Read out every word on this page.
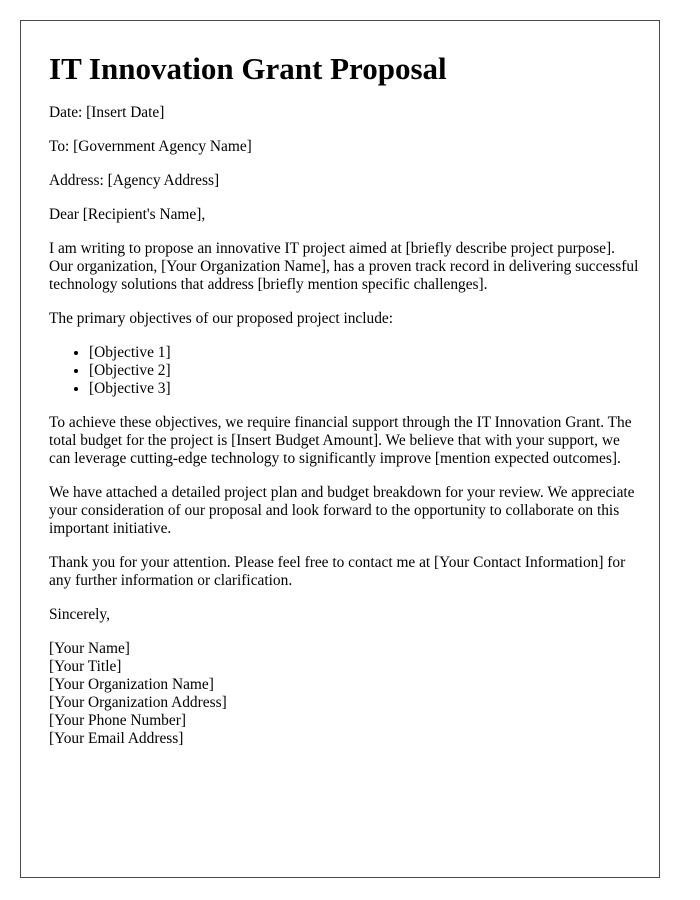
IT Innovation Grant Proposal

Date: [Insert Date]

To: [Government Agency Name]

Address: [Agency Address]

Dear [Recipient's Name],

I am writing to propose an innovative IT project aimed at [briefly describe project purpose]. Our organization, [Your Organization Name], has a proven track record in delivering successful technology solutions that address [briefly mention specific challenges].

The primary objectives of our proposed project include:

• [Objective 1]
• [Objective 2]
• [Objective 3]

To achieve these objectives, we require financial support through the IT Innovation Grant. The total budget for the project is [Insert Budget Amount]. We believe that with your support, we can leverage cutting-edge technology to significantly improve [mention expected outcomes].

We have attached a detailed project plan and budget breakdown for your review. We appreciate your consideration of our proposal and look forward to the opportunity to collaborate on this important initiative.

Thank you for your attention. Please feel free to contact me at [Your Contact Information] for any further information or clarification.

Sincerely,

[Your Name]
[Your Title]
[Your Organization Name]
[Your Organization Address]
[Your Phone Number]
[Your Email Address]
